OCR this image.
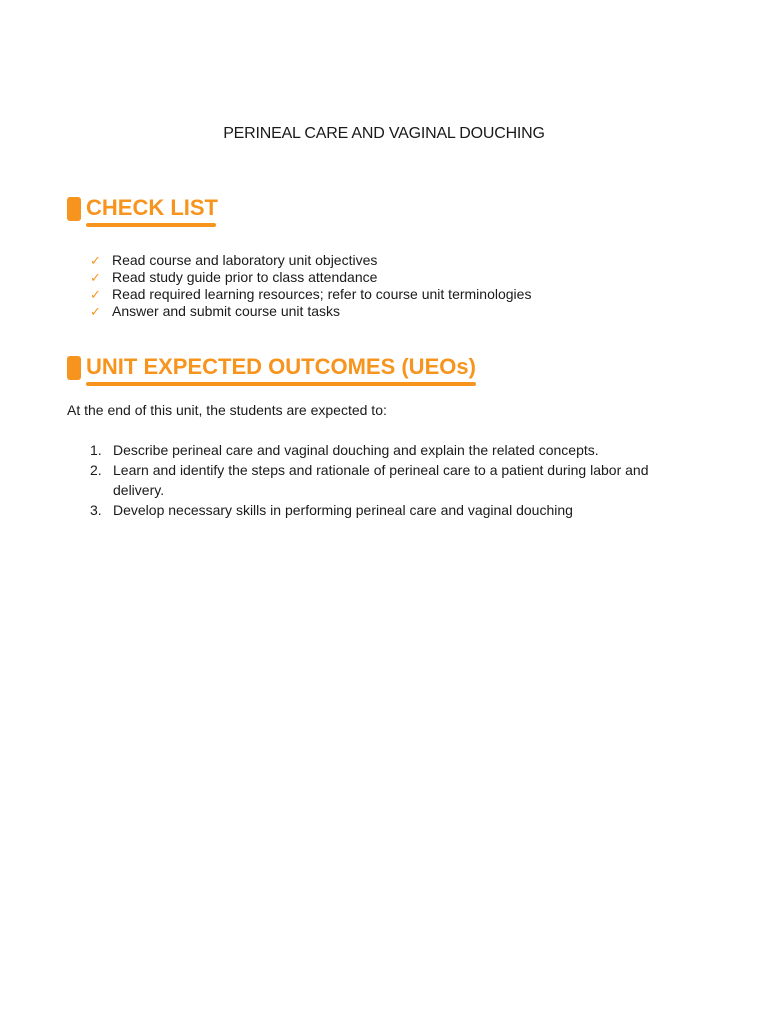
PERINEAL CARE AND VAGINAL DOUCHING
CHECK LIST
✓ Read course and laboratory unit objectives
✓ Read study guide prior to class attendance
✓ Read required learning resources; refer to course unit terminologies
✓ Answer and submit course unit tasks
UNIT EXPECTED OUTCOMES (UEOs)
At the end of this unit, the students are expected to:
1. Describe perineal care and vaginal douching and explain the related concepts.
2. Learn and identify the steps and rationale of perineal care to a patient during labor and delivery.
3. Develop necessary skills in performing perineal care and vaginal douching
